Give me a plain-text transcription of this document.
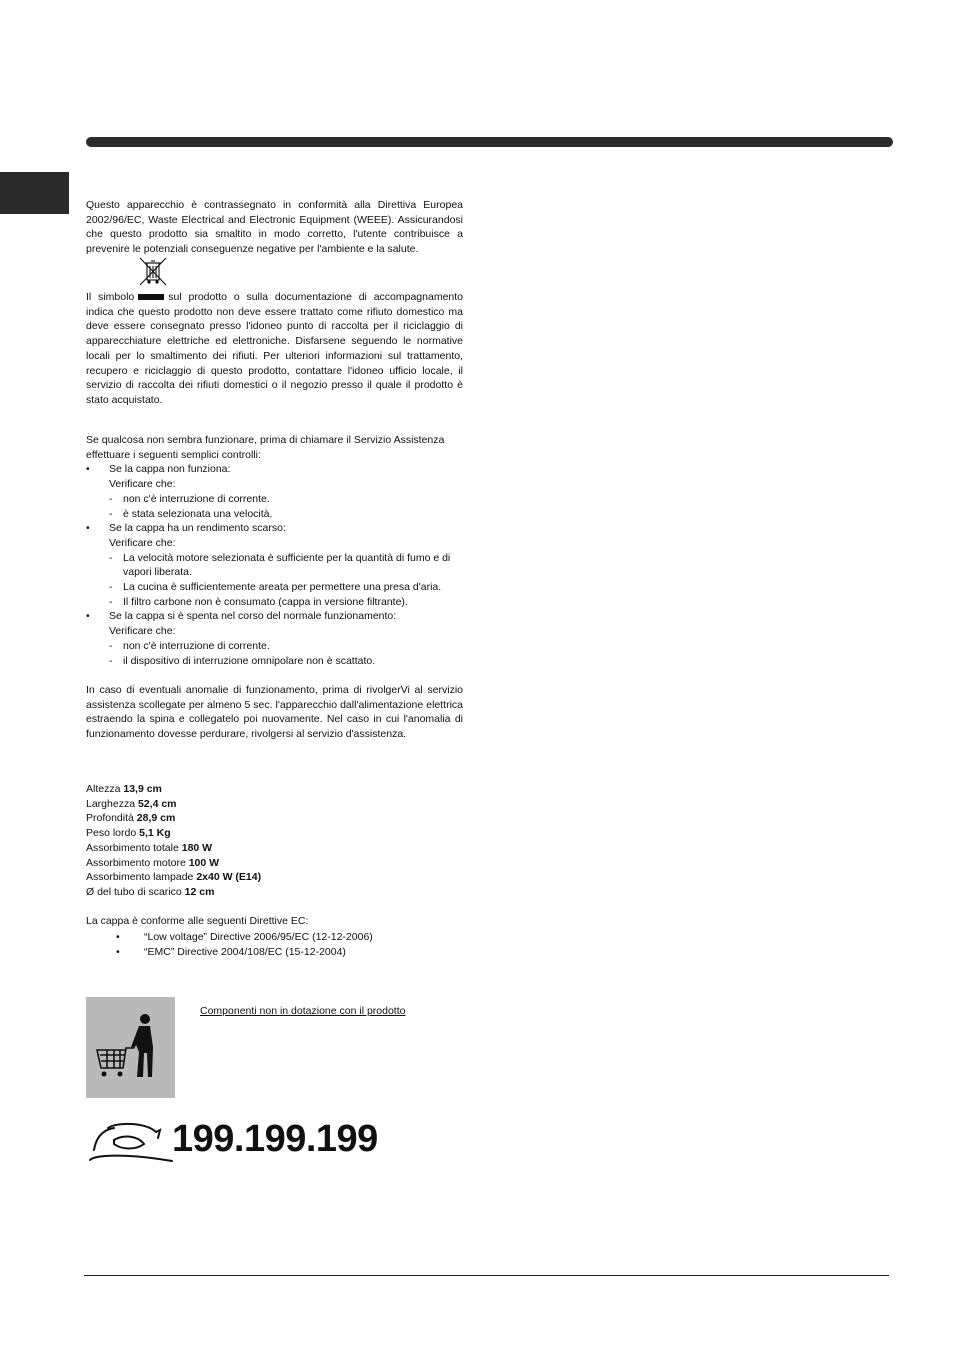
Questo apparecchio è contrassegnato in conformità alla Direttiva Europea 2002/96/EC, Waste Electrical and Electronic Equipment (WEEE). Assicurandosi che questo prodotto sia smaltito in modo corretto, l'utente contribuisce a prevenire le potenziali conseguenze negative per l'ambiente e la salute.
Il simbolo	sul prodotto o sulla documentazione di accompagnamento indica che questo prodotto non deve essere trattato come rifiuto domestico ma deve essere consegnato presso l'idoneo punto di raccolta per il riciclaggio di apparecchiature elettriche ed elettroniche. Disfarsene seguendo le normative locali per lo smaltimento dei rifiuti. Per ulteriori informazioni sul trattamento, recupero e riciclaggio di questo prodotto, contattare l'idoneo ufficio locale, il servizio di raccolta dei rifiuti domestici o il negozio presso il quale il prodotto è stato acquistato.
Se qualcosa non sembra funzionare, prima di chiamare il Servizio Assistenza effettuare i seguenti semplici controlli:
•	Se la cappa non funziona:
Verificare che:
-	non c'è interruzione di corrente.
-	è stata selezionata una velocità.
•	Se la cappa ha un rendimento scarso:
Verificare che:
-	La velocità motore selezionata è sufficiente per la quantità di fumo e di vapori liberata.
-	La cucina è sufficientemente areata per permettere una presa d'aria.
-	Il filtro carbone non è consumato (cappa in versione filtrante).
•	Se la cappa si è spenta nel corso del normale funzionamento:
Verificare che:
-	non c'è interruzione di corrente.
-	il dispositivo di interruzione omnipolare non è scattato.
In caso di eventuali anomalie di funzionamento, prima di rivolgerVi al servizio assistenza scollegate per almeno 5 sec. l'apparecchio dall'alimentazione elettrica estraendo la spina e collegatelo poi nuovamente. Nel caso in cui l'anomalia di funzionamento dovesse perdurare, rivolgersi al servizio d'assistenza.
Altezza 13,9 cm
Larghezza 52,4 cm
Profondità 28,9 cm
Peso lordo 5,1 Kg
Assorbimento totale 180 W
Assorbimento motore 100 W
Assorbimento lampade 2x40 W (E14)
Ø del tubo di scarico 12 cm
La cappa è conforme alle seguenti Direttive EC:
• “Low voltage” Directive 2006/95/EC (12-12-2006)
• “EMC” Directive 2004/108/EC (15-12-2004)
Componenti non in dotazione con il prodotto
199.199.199
